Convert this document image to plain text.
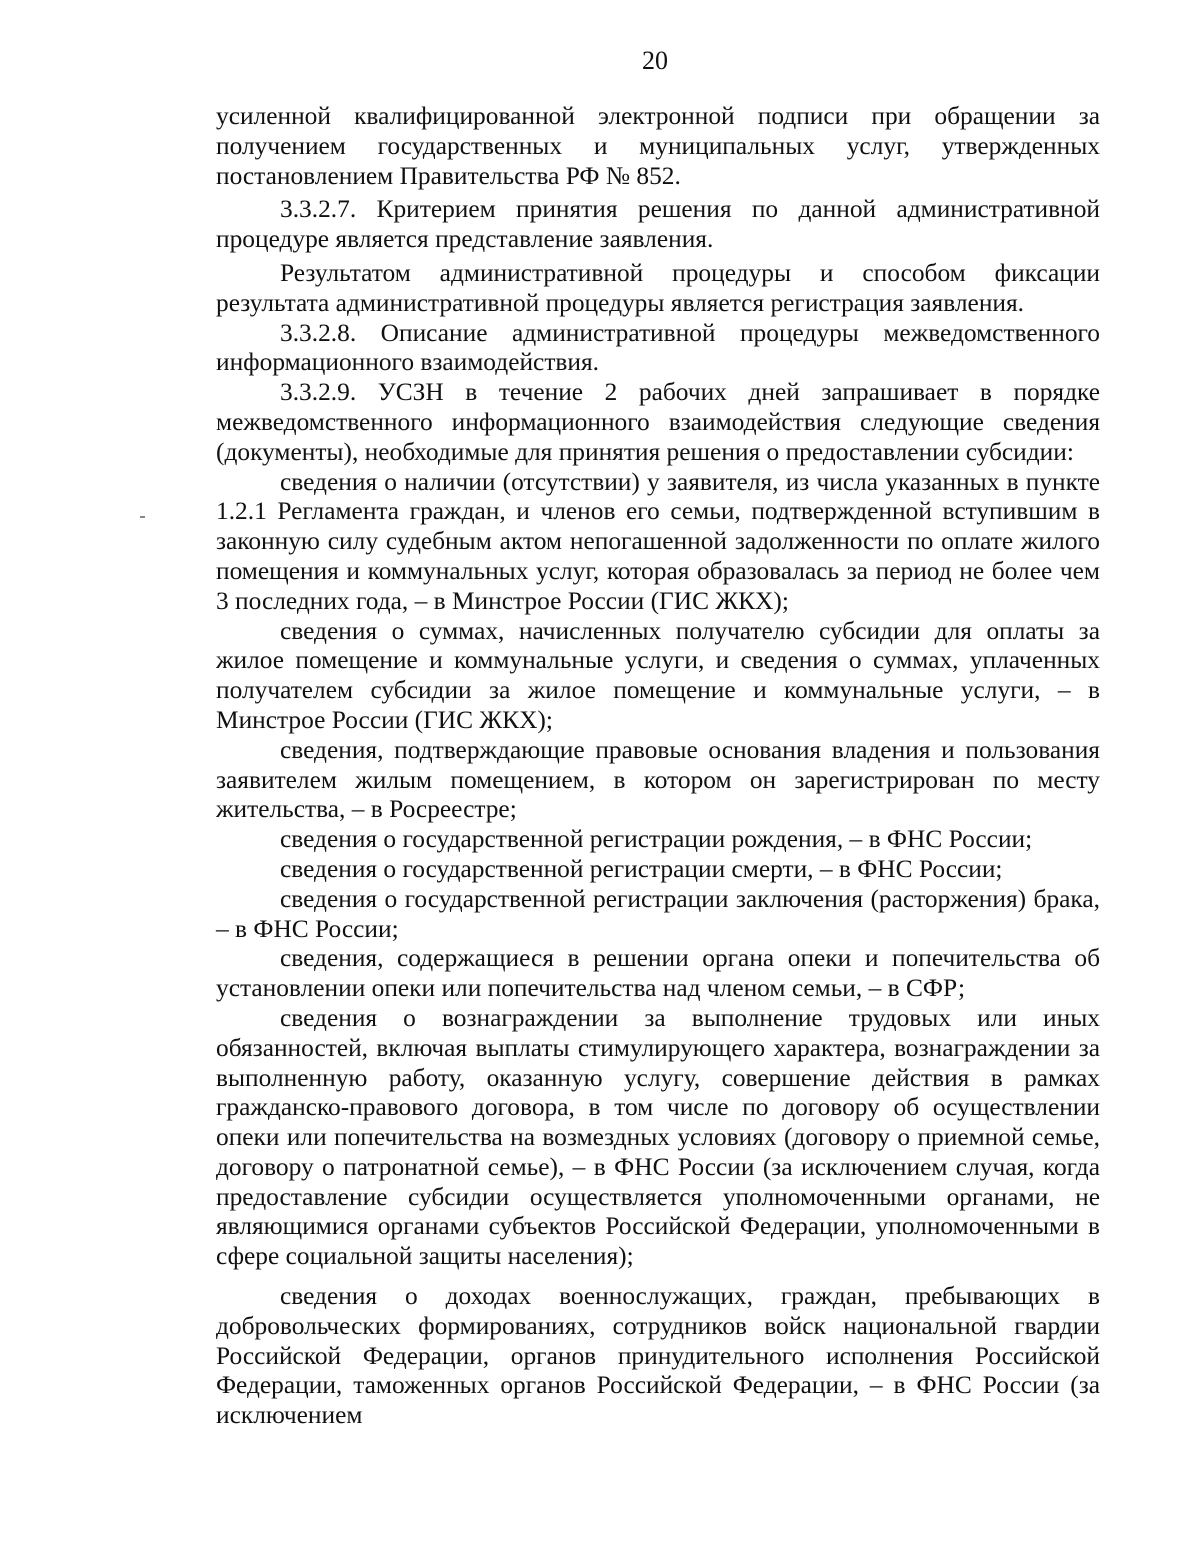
20

усиленной квалифицированной электронной подписи при обращении за получением государственных и муниципальных услуг, утвержденных постановлением Правительства РФ № 852.

3.3.2.7. Критерием принятия решения по данной административной процедуре является представление заявления.

Результатом административной процедуры и способом фиксации результата административной процедуры является регистрация заявления.

3.3.2.8. Описание административной процедуры межведомственного информационного взаимодействия.

3.3.2.9. УСЗН в течение 2 рабочих дней запрашивает в порядке межведомственного информационного взаимодействия следующие сведения (документы), необходимые для принятия решения о предоставлении субсидии:

сведения о наличии (отсутствии) у заявителя, из числа указанных в пункте 1.2.1 Регламента граждан, и членов его семьи, подтвержденной вступившим в законную силу судебным актом непогашенной задолженности по оплате жилого помещения и коммунальных услуг, которая образовалась за период не более чем 3 последних года, – в Минстрое России (ГИС ЖКХ);

сведения о суммах, начисленных получателю субсидии для оплаты за жилое помещение и коммунальные услуги, и сведения о суммах, уплаченных получателем субсидии за жилое помещение и коммунальные услуги, – в Минстрое России (ГИС ЖКХ);

сведения, подтверждающие правовые основания владения и пользования заявителем жилым помещением, в котором он зарегистрирован по месту жительства, – в Росреестре;

сведения о государственной регистрации рождения, – в ФНС России;

сведения о государственной регистрации смерти, – в ФНС России;

сведения о государственной регистрации заключения (расторжения) брака, – в ФНС России;

сведения, содержащиеся в решении органа опеки и попечительства об установлении опеки или попечительства над членом семьи, – в СФР;

сведения о вознаграждении за выполнение трудовых или иных обязанностей, включая выплаты стимулирующего характера, вознаграждении за выполненную работу, оказанную услугу, совершение действия в рамках гражданско-правового договора, в том числе по договору об осуществлении опеки или попечительства на возмездных условиях (договору о приемной семье, договору о патронатной семье), – в ФНС России (за исключением случая, когда предоставление субсидии осуществляется уполномоченными органами, не являющимися органами субъектов Российской Федерации, уполномоченными в сфере социальной защиты населения);

сведения о доходах военнослужащих, граждан, пребывающих в добровольческих формированиях, сотрудников войск национальной гвардии Российской Федерации, органов принудительного исполнения Российской Федерации, таможенных органов Российской Федерации, – в ФНС России (за исключением
